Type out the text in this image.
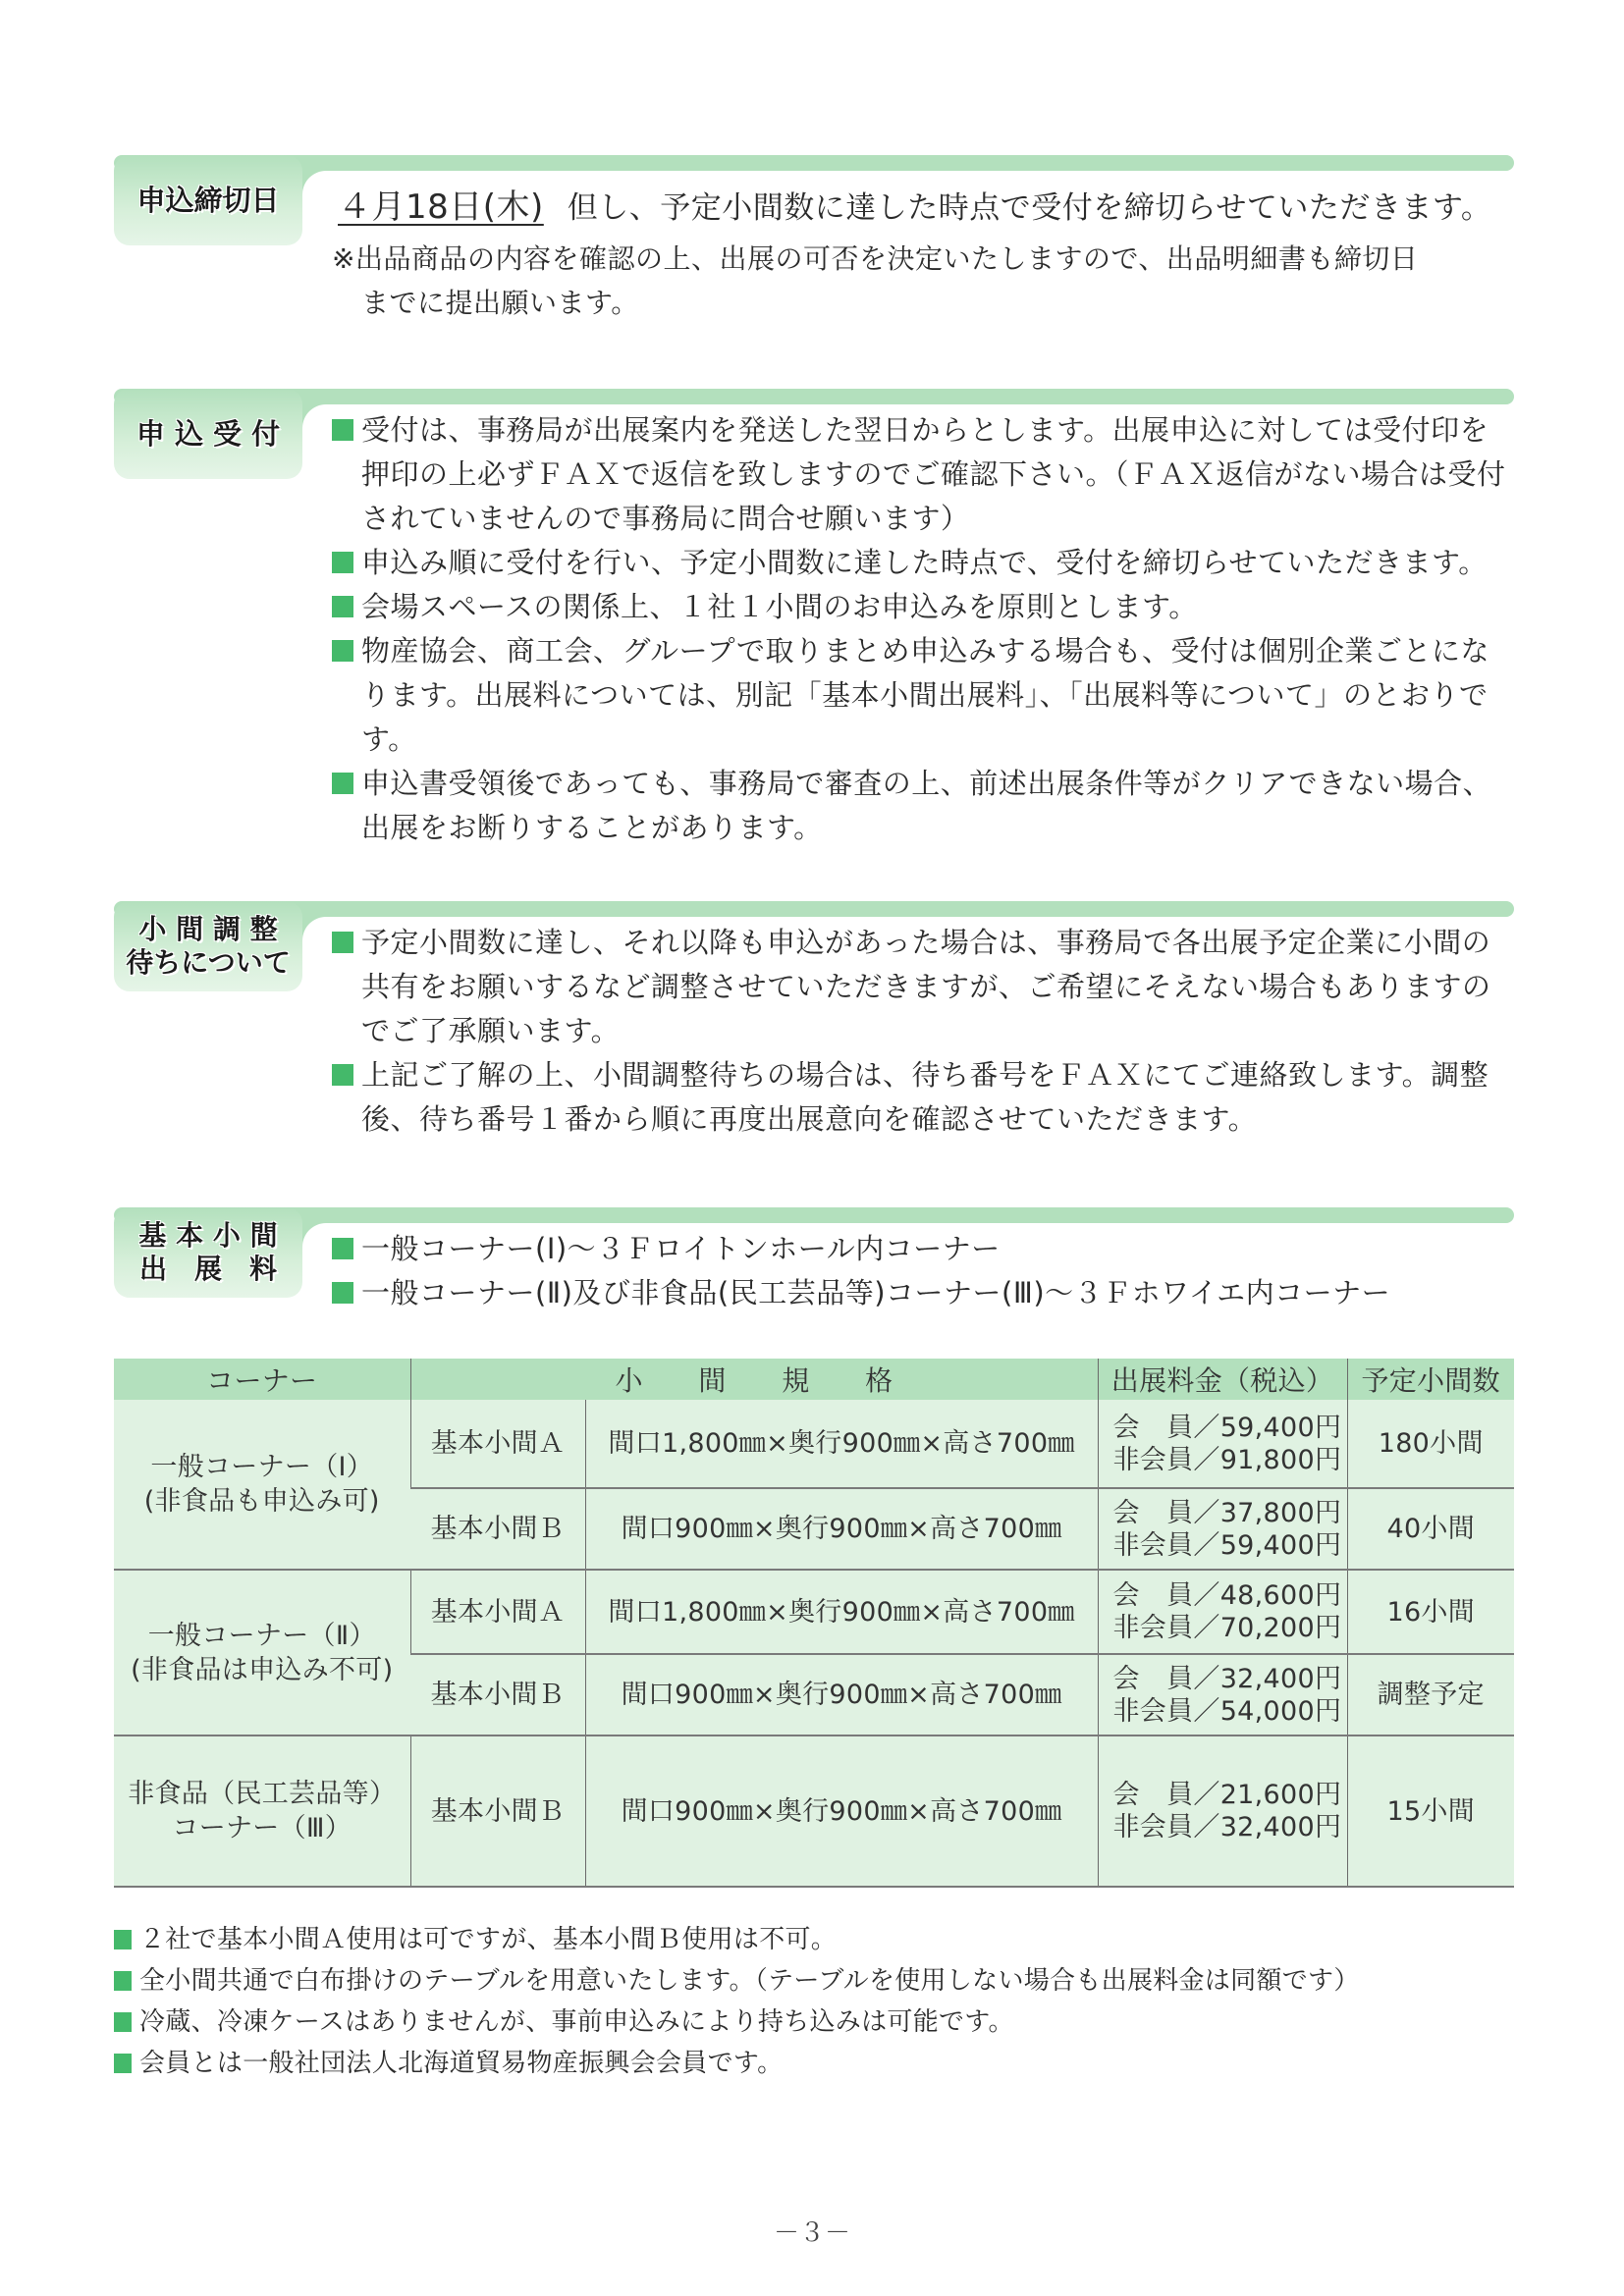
申込締切日 ４月18日(木) 但し、予定小間数に達した時点で受付を締切らせていただきます。
※出品商品の内容を確認の上、出展の可否を決定いたしますので、出品明細書も締切日
までに提出願います。
申 込 受 付	受付は、事務局が出展案内を発送した翌日からとします。出展申込に対しては受付印を押印の上必ずＦＡＸで返信を致しますのでご確認下さい。（ＦＡＸ返信がない場合は受付されていませんので事務局に問合せ願います）
申込み順に受付を行い、予定小間数に達した時点で、受付を締切らせていただきます。
会場スペースの関係上、１社１小間のお申込みを原則とします。
物産協会、商工会、グループで取りまとめ申込みする場合も、受付は個別企業ごとになります。出展料については、別記「基本小間出展料」、「出展料等について」のとおりです。
申込書受領後であっても、事務局で審査の上、前述出展条件等がクリアできない場合、出展をお断りすることがあります。
小 間 調 整
待ちについて
予定小間数に達し、それ以降も申込があった場合は、事務局で各出展予定企業に小間の共有をお願いするなど調整させていただきますが、ご希望にそえない場合もありますのでご了承願います。
上記ご了解の上、小間調整待ちの場合は、待ち番号をＦＡＸにてご連絡致します。調整後、待ち番号１番から順に再度出展意向を確認させていただきます。
基 本 小 間
出　展　料
一般コーナー(Ⅰ)～３Ｆロイトンホール内コーナー
一般コーナー(Ⅱ)及び非食品(民工芸品等)コーナー(Ⅲ)～３Ｆホワイエ内コーナー
コーナー	小　　間　　規　　格		出展料金（税込）	予定小間数

一般コーナー（Ⅰ）
(非食品も申込み可)	基本小間Ａ	間口1,800㎜×奥行900㎜×高さ700㎜	会　員／59,400円
非会員／91,800円	180小間
	基本小間Ｂ	間口900㎜×奥行900㎜×高さ700㎜	会　員／37,800円
非会員／59,400円	40小間

一般コーナー（Ⅱ）
(非食品は申込み不可)	基本小間Ａ	間口1,800㎜×奥行900㎜×高さ700㎜	会　員／48,600円
非会員／70,200円	16小間
	基本小間Ｂ	間口900㎜×奥行900㎜×高さ700㎜	会　員／32,400円
非会員／54,000円	調整予定

非食品（民工芸品等）
コーナー（Ⅲ）	基本小間Ｂ	間口900㎜×奥行900㎜×高さ700㎜	会　員／21,600円
非会員／32,400円	15小間
２社で基本小間Ａ使用は可ですが、基本小間Ｂ使用は不可。
全小間共通で白布掛けのテーブルを用意いたします。（テーブルを使用しない場合も出展料金は同額です）
冷蔵、冷凍ケースはありませんが、事前申込みにより持ち込みは可能です。
会員とは一般社団法人北海道貿易物産振興会会員です。
－３－
